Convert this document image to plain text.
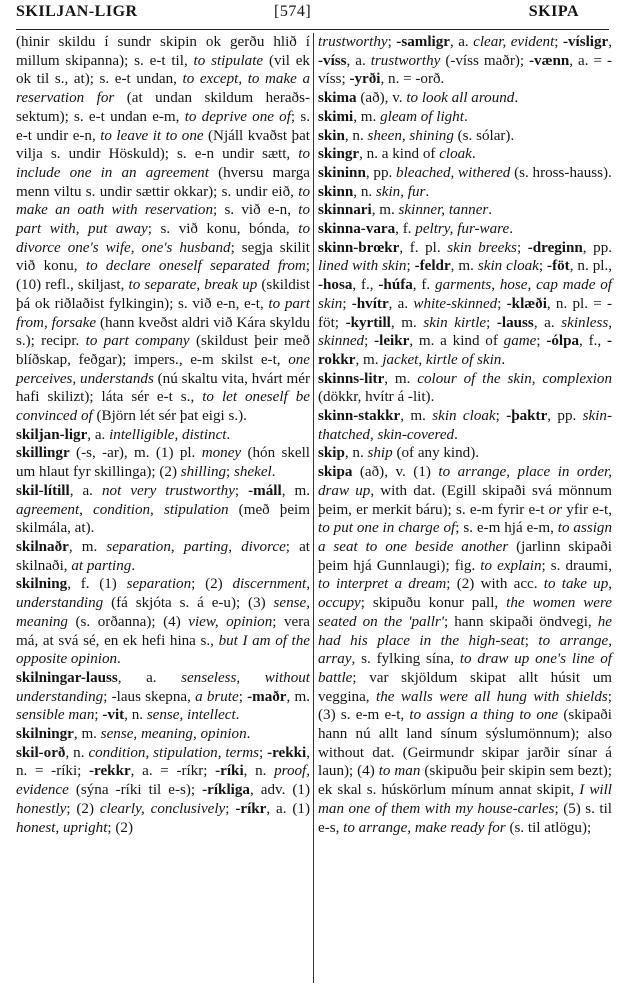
SKILJAN-LIGR	[574]	SKIPA

(hinir skildu í sundr skipin ok gerðu hlið í millum skipanna); s. e-t til, to stipulate (vil ek ok til s., at); s. e-t undan, to except, to make a reservation for (at undan skildum heraðs-sektum); s. e-t undan e-m, to deprive one of; s. e-t undir e-n, to leave it to one (Njáll kvaðst þat vilja s. undir Höskuld); s. e-n undir sætt, to include one in an agreement (hversu marga menn viltu s. undir sættir okkar); s. undir eið, to make an oath with reservation; s. við e-n, to part with, put away; s. við konu, bónda, to divorce one's wife, one's husband; segja skilit við konu, to declare oneself separated from; (10) refl., skiljast, to separate, break up (skildist þá ok riðlaðist fylkingin); s. við e-n, e-t, to part from, forsake (hann kveðst aldri við Kára skyldu s.); recipr. to part company (skildust þeir með blíðskap, feðgar); impers., e-m skilst e-t, one perceives, understands (nú skaltu vita, hvárt mér hafi skilizt); láta sér e-t s., to let oneself be convinced of (Björn lét sér þat eigi s.).

skiljan-ligr, a. intelligible, distinct.

skillingr (-s, -ar), m. (1) pl. money (hón skell um hlaut fyr skillinga); (2) shilling; shekel.

skil-lítill, a. not very trustworthy; -máll, m. agreement, condition, stipulation (með þeim skilmála, at).

skilnaðr, m. separation, parting, divorce; at skilnaði, at parting.

skilning, f. (1) separation; (2) discernment, understanding (fá skjóta s. á e-u); (3) sense, meaning (s. orðanna); (4) view, opinion; vera má, at svá sé, en ek hefi hina s., but I am of the opposite opinion.

skilningar-lauss, a. senseless, without understanding; -laus skepna, a brute; -maðr, m. sensible man; -vit, n. sense, intellect.

skilningr, m. sense, meaning, opinion.

skil-orð, n. condition, stipulation, terms; -rekki, n. = -ríki; -rekkr, a. = -ríkr; -ríki, n. proof, evidence (sýna -ríki til e-s); -ríkliga, adv. (1) honestly; (2) clearly, conclusively; -ríkr, a. (1) honest, upright; (2)

trustworthy; -samligr, a. clear, evident; -vísligr, -víss, a. trustworthy (-víss maðr); -vænn, a. = -víss; -yrði, n. = -orð.

skima (að), v. to look all around.

skimi, m. gleam of light.

skin, n. sheen, shining (s. sólar).

skingr, n. a kind of cloak.

skininn, pp. bleached, withered (s. hross-hauss).

skinn, n. skin, fur.

skinnari, m. skinner, tanner.

skinna-vara, f. peltry, fur-ware.

skinn-brœkr, f. pl. skin breeks; -dreginn, pp. lined with skin; -feldr, m. skin cloak; -föt, n. pl., -hosa, f., -húfa, f. garments, hose, cap made of skin; -hvítr, a. white-skinned; -klæði, n. pl. = -föt; -kyrtill, m. skin kirtle; -lauss, a. skinless, skinned; -leikr, m. a kind of game; -ólpa, f., -rokkr, m. jacket, kirtle of skin.

skinns-litr, m. colour of the skin, complexion (dökkr, hvítr á -lit).

skinn-stakkr, m. skin cloak; -þaktr, pp. skin-thatched, skin-covered.

skip, n. ship (of any kind).

skipa (að), v. (1) to arrange, place in order, draw up, with dat. (Egill skipaði svá mönnum þeim, er merkit báru); s. e-m fyrir e-t or yfir e-t, to put one in charge of; s. e-m hjá e-m, to assign a seat to one beside another (jarlinn skipaði þeim hjá Gunnlaugi); fig. to explain; s. draumi, to interpret a dream; (2) with acc. to take up, occupy; skipuðu konur pall, the women were seated on the 'pallr'; hann skipaði öndvegi, he had his place in the high-seat; to arrange, array, s. fylking sína, to draw up one's line of battle; var skjöldum skipat allt húsit um veggina, the walls were all hung with shields; (3) s. e-m e-t, to assign a thing to one (skipaði hann nú allt land sínum sýslumönnum); also without dat. (Geirmundr skipar jarðir sínar á laun); (4) to man (skipuðu þeir skipin sem bezt); ek skal s. húskörlum mínum annat skipit, I will man one of them with my house-carles; (5) s. til e-s, to arrange, make ready for (s. til atlögu);
